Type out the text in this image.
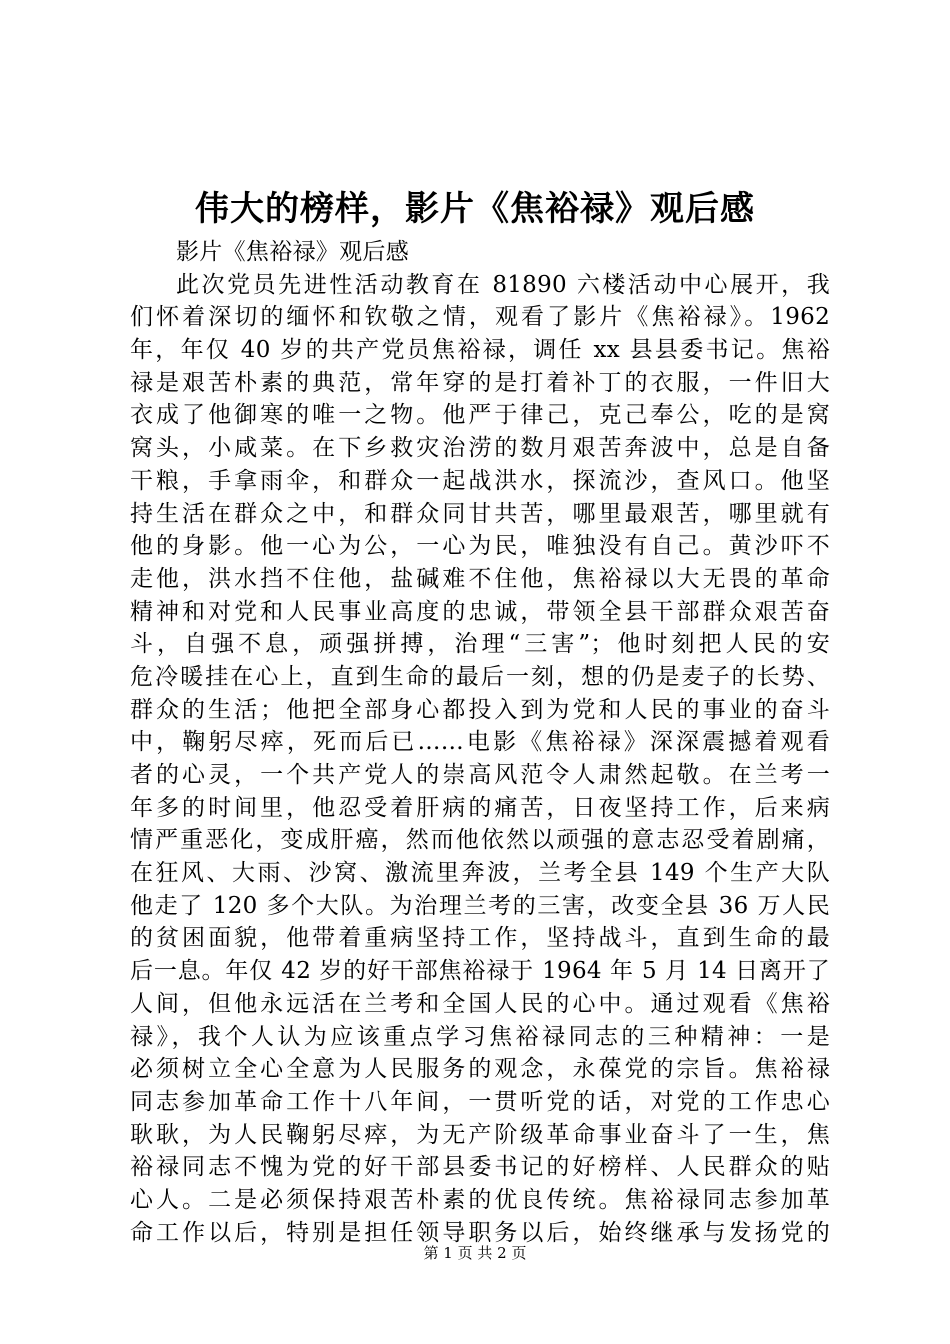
伟大的榜样，影片《焦裕禄》观后感
影片《焦裕禄》观后感
此次党员先进性活动教育在 81890 六楼活动中心展开，我
们怀着深切的缅怀和钦敬之情，观看了影片《焦裕禄》。1962
年，年仅 40 岁的共产党员焦裕禄，调任 xx 县县委书记。焦裕
禄是艰苦朴素的典范，常年穿的是打着补丁的衣服，一件旧大
衣成了他御寒的唯一之物。他严于律己，克己奉公，吃的是窝
窝头，小咸菜。在下乡救灾治涝的数月艰苦奔波中，总是自备
干粮，手拿雨伞，和群众一起战洪水，探流沙，查风口。他坚
持生活在群众之中，和群众同甘共苦，哪里最艰苦，哪里就有
他的身影。他一心为公，一心为民，唯独没有自己。黄沙吓不
走他，洪水挡不住他，盐碱难不住他，焦裕禄以大无畏的革命
精神和对党和人民事业高度的忠诚，带领全县干部群众艰苦奋
斗，自强不息，顽强拼搏，治理“三害”；他时刻把人民的安
危冷暖挂在心上，直到生命的最后一刻，想的仍是麦子的长势、
群众的生活；他把全部身心都投入到为党和人民的事业的奋斗
中，鞠躬尽瘁，死而后已……电影《焦裕禄》深深震撼着观看
者的心灵，一个共产党人的崇高风范令人肃然起敬。在兰考一
年多的时间里，他忍受着肝病的痛苦，日夜坚持工作，后来病
情严重恶化，变成肝癌，然而他依然以顽强的意志忍受着剧痛，
在狂风、大雨、沙窝、激流里奔波，兰考全县 149 个生产大队
他走了 120 多个大队。为治理兰考的三害，改变全县 36 万人民
的贫困面貌，他带着重病坚持工作，坚持战斗，直到生命的最
后一息。年仅 42 岁的好干部焦裕禄于 1964 年 5 月 14 日离开了
人间，但他永远活在兰考和全国人民的心中。通过观看《焦裕
禄》，我个人认为应该重点学习焦裕禄同志的三种精神：一是
必须树立全心全意为人民服务的观念，永葆党的宗旨。焦裕禄
同志参加革命工作十八年间，一贯听党的话，对党的工作忠心
耿耿，为人民鞠躬尽瘁，为无产阶级革命事业奋斗了一生，焦
裕禄同志不愧为党的好干部县委书记的好榜样、人民群众的贴
心人。二是必须保持艰苦朴素的优良传统。焦裕禄同志参加革
命工作以后，特别是担任领导职务以后，始终继承与发扬党的
第 1 页 共 2 页
